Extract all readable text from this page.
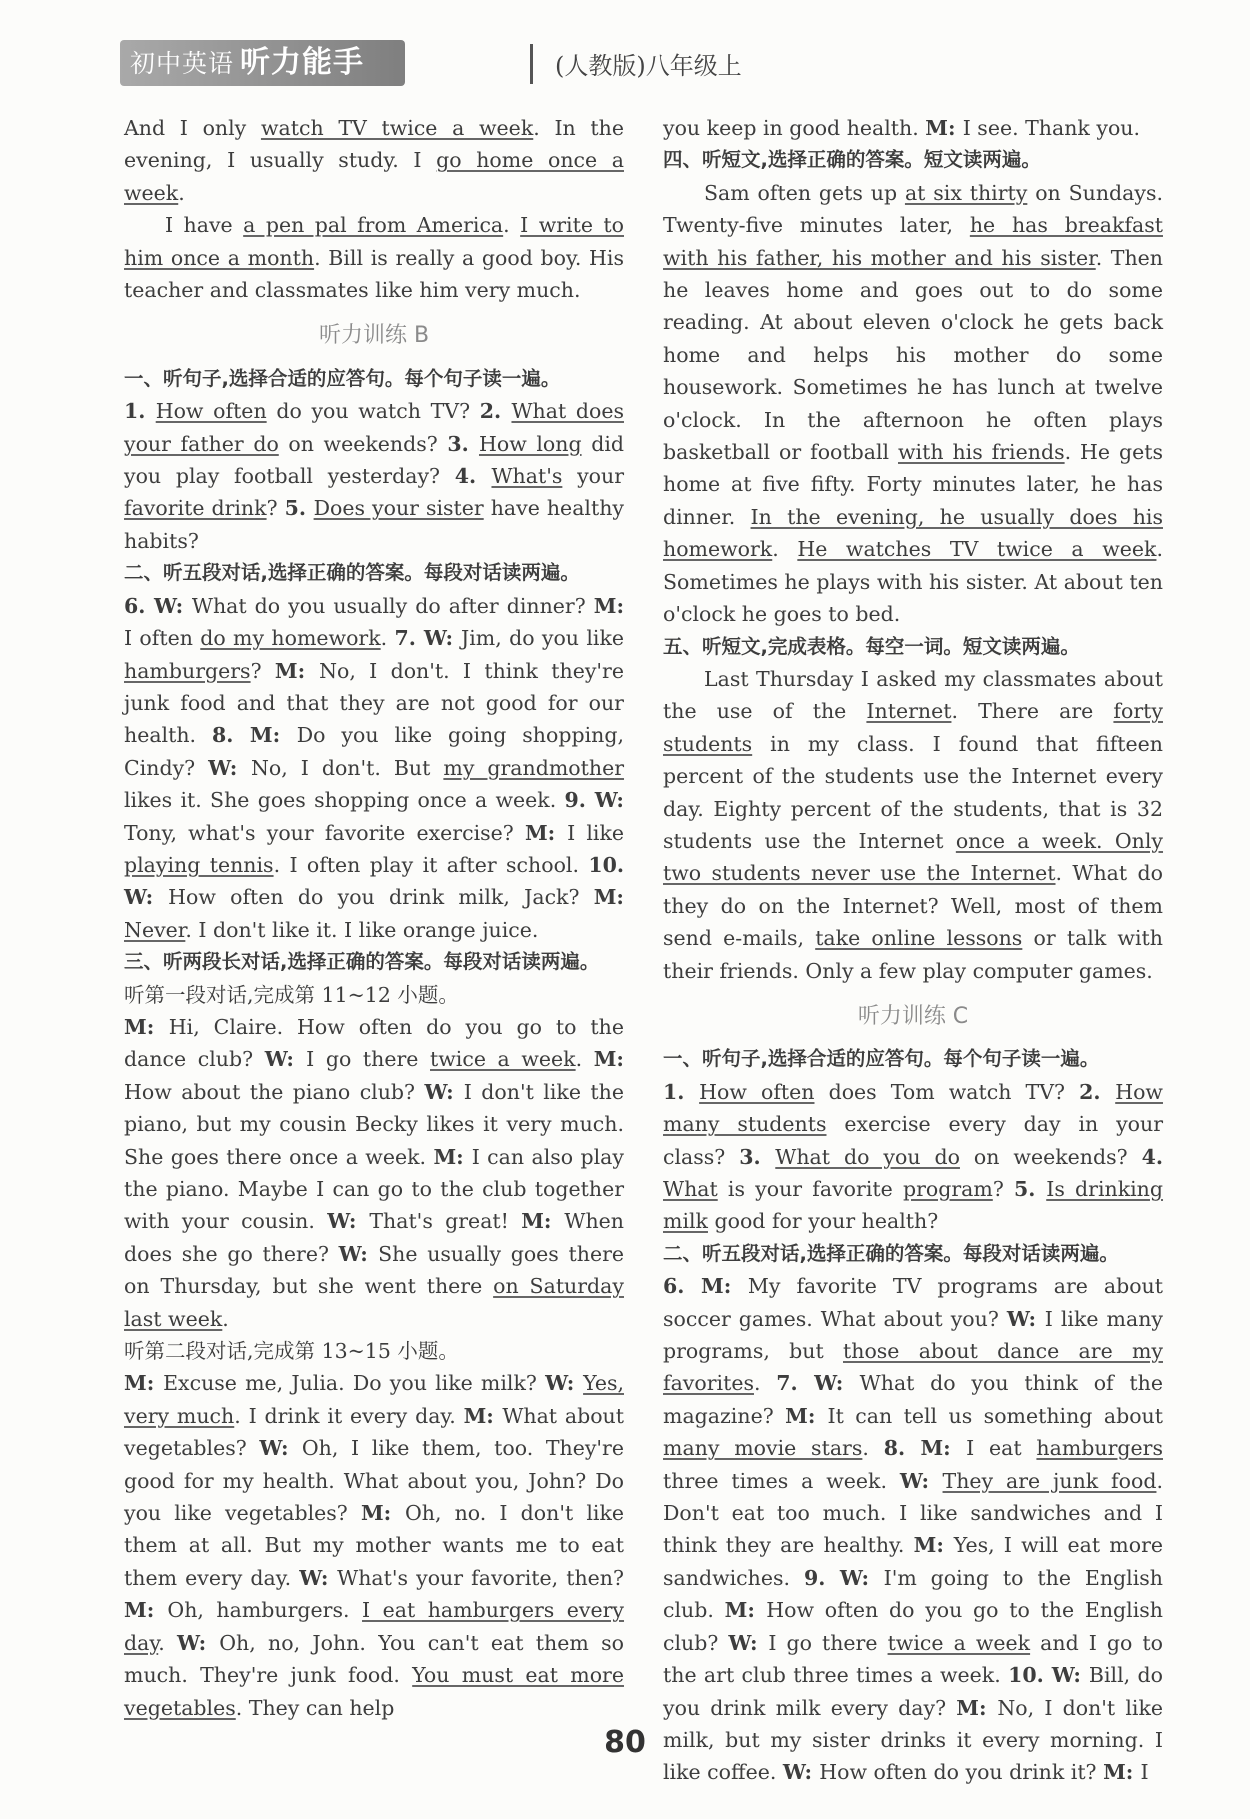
初中英语 听力能手	(人教版)八年级上

And I only watch TV twice a week. In the evening, I usually study. I go home once a week.

I have a pen pal from America. I write to him once a month. Bill is really a good boy. His teacher and classmates like him very much.

听力训练 B

一、听句子,选择合适的应答句。每个句子读一遍。

1. How often do you watch TV? 2. What does your father do on weekends? 3. How long did you play football yesterday? 4. What's your favorite drink? 5. Does your sister have healthy habits?

二、听五段对话,选择正确的答案。每段对话读两遍。

6. W: What do you usually do after dinner? M: I often do my homework. 7. W: Jim, do you like hamburgers? M: No, I don't. I think they're junk food and that they are not good for our health. 8. M: Do you like going shopping, Cindy? W: No, I don't. But my grandmother likes it. She goes shopping once a week. 9. W: Tony, what's your favorite exercise? M: I like playing tennis. I often play it after school. 10. W: How often do you drink milk, Jack? M: Never. I don't like it. I like orange juice.

三、听两段长对话,选择正确的答案。每段对话读两遍。

听第一段对话,完成第 11~12 小题。

M: Hi, Claire. How often do you go to the dance club? W: I go there twice a week. M: How about the piano club? W: I don't like the piano, but my cousin Becky likes it very much. She goes there once a week. M: I can also play the piano. Maybe I can go to the club together with your cousin. W: That's great! M: When does she go there? W: She usually goes there on Thursday, but she went there on Saturday last week.

听第二段对话,完成第 13~15 小题。

M: Excuse me, Julia. Do you like milk? W: Yes, very much. I drink it every day. M: What about vegetables? W: Oh, I like them, too. They're good for my health. What about you, John? Do you like vegetables? M: Oh, no. I don't like them at all. But my mother wants me to eat them every day. W: What's your favorite, then? M: Oh, hamburgers. I eat hamburgers every day. W: Oh, no, John. You can't eat them so much. They're junk food. You must eat more vegetables. They can help

you keep in good health. M: I see. Thank you.

四、听短文,选择正确的答案。短文读两遍。

Sam often gets up at six thirty on Sundays. Twenty-five minutes later, he has breakfast with his father, his mother and his sister. Then he leaves home and goes out to do some reading. At about eleven o'clock he gets back home and helps his mother do some housework. Sometimes he has lunch at twelve o'clock. In the afternoon he often plays basketball or football with his friends. He gets home at five fifty. Forty minutes later, he has dinner. In the evening, he usually does his homework. He watches TV twice a week. Sometimes he plays with his sister. At about ten o'clock he goes to bed.

五、听短文,完成表格。每空一词。短文读两遍。

Last Thursday I asked my classmates about the use of the Internet. There are forty students in my class. I found that fifteen percent of the students use the Internet every day. Eighty percent of the students, that is 32 students use the Internet once a week. Only two students never use the Internet. What do they do on the Internet? Well, most of them send e-mails, take online lessons or talk with their friends. Only a few play computer games.

听力训练 C

一、听句子,选择合适的应答句。每个句子读一遍。

1. How often does Tom watch TV? 2. How many students exercise every day in your class? 3. What do you do on weekends? 4. What is your favorite program? 5. Is drinking milk good for your health?

二、听五段对话,选择正确的答案。每段对话读两遍。

6. M: My favorite TV programs are about soccer games. What about you? W: I like many programs, but those about dance are my favorites. 7. W: What do you think of the magazine? M: It can tell us something about many movie stars. 8. M: I eat hamburgers three times a week. W: They are junk food. Don't eat too much. I like sandwiches and I think they are healthy. M: Yes, I will eat more sandwiches. 9. W: I'm going to the English club. M: How often do you go to the English club? W: I go there twice a week and I go to the art club three times a week. 10. W: Bill, do you drink milk every day? M: No, I don't like milk, but my sister drinks it every morning. I like coffee. W: How often do you drink it? M: I

80
